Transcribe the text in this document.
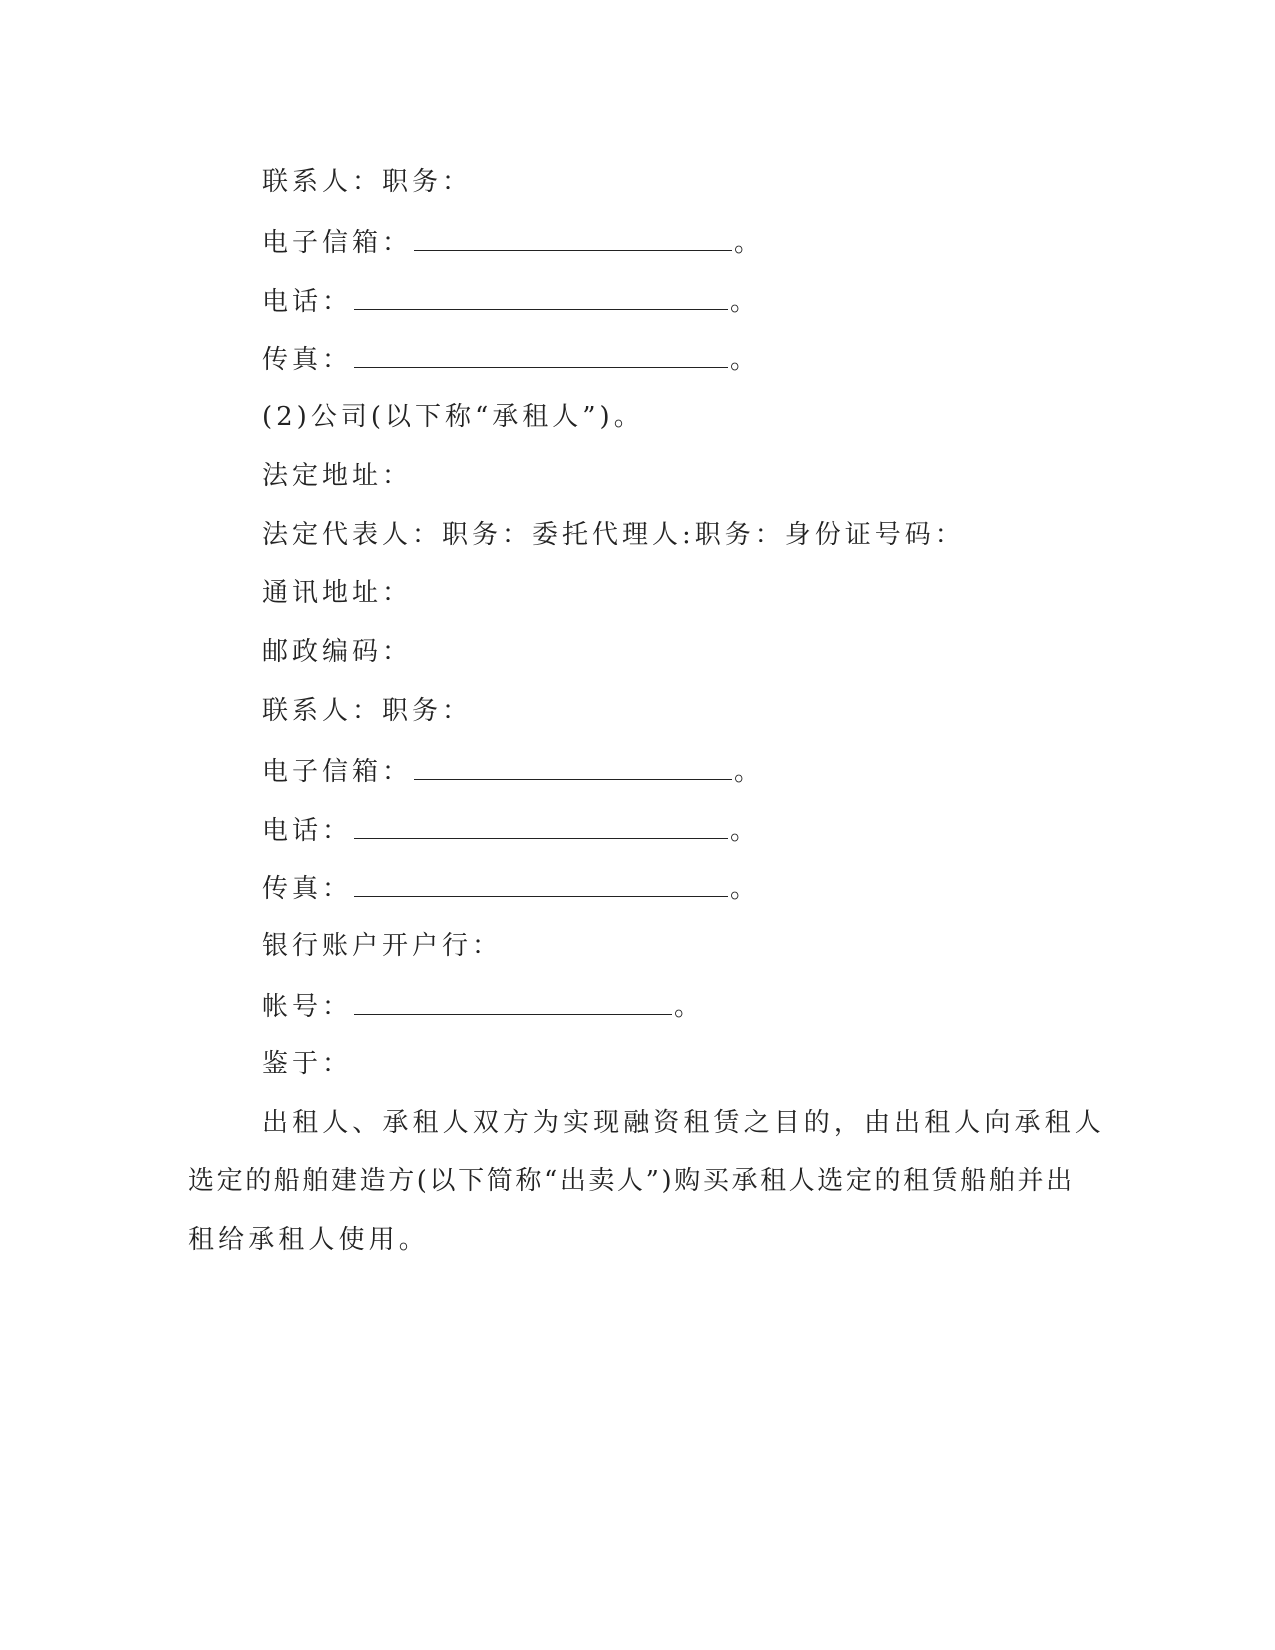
联系人：职务：
电子信箱：	。
电话：	。
传真：	。
(2)公司(以下称“承租人”)。
法定地址：
法定代表人：职务：委托代理人:职务：身份证号码：
通讯地址：
邮政编码：
联系人：职务：
电子信箱：	。
电话：	。
传真：	。
银行账户开户行：
帐号：	。
鉴于：
出租人、承租人双方为实现融资租赁之目的，由出租人向承租人
选定的船舶建造方(以下简称“出卖人”)购买承租人选定的租赁船舶并出
租给承租人使用。
